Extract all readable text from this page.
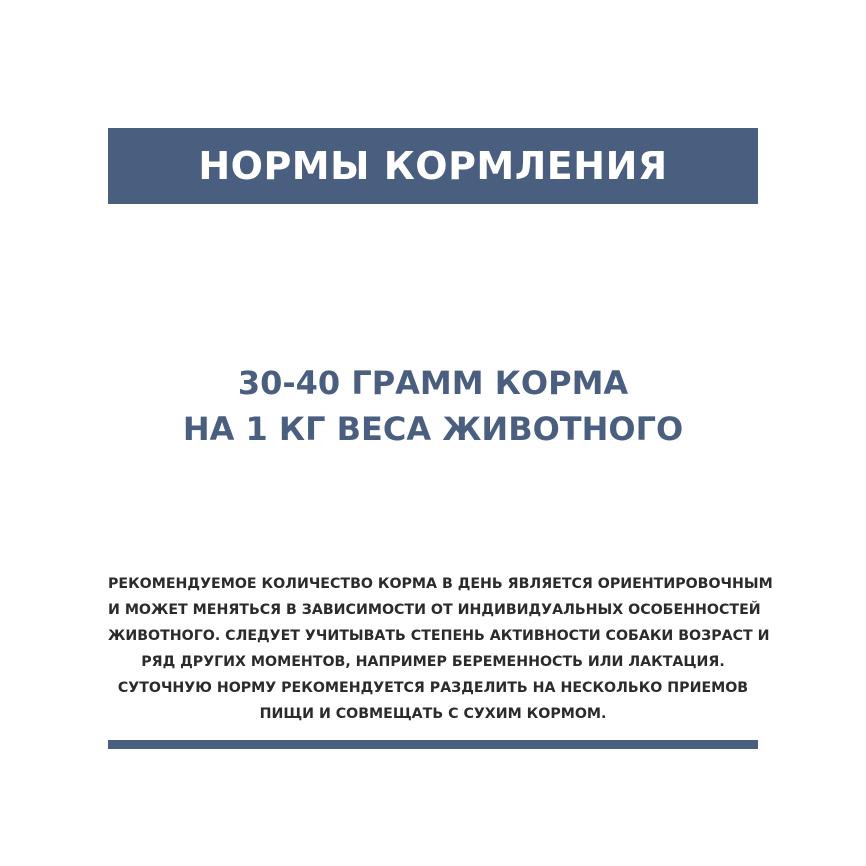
НОРМЫ КОРМЛЕНИЯ
30-40 ГРАММ КОРМА
НА 1 КГ ВЕСА ЖИВОТНОГО
РЕКОМЕНДУЕМОЕ КОЛИЧЕСТВО КОРМА В ДЕНЬ ЯВЛЯЕТСЯ ОРИЕНТИРОВОЧНЫМ
И МОЖЕТ МЕНЯТЬСЯ В ЗАВИСИМОСТИ ОТ ИНДИВИДУАЛЬНЫХ ОСОБЕННОСТЕЙ
ЖИВОТНОГО. СЛЕДУЕТ УЧИТЫВАТЬ СТЕПЕНЬ АКТИВНОСТИ СОБАКИ ВОЗРАСТ И
РЯД ДРУГИХ МОМЕНТОВ, НАПРИМЕР БЕРЕМЕННОСТЬ ИЛИ ЛАКТАЦИЯ.
СУТОЧНУЮ НОРМУ РЕКОМЕНДУЕТСЯ РАЗДЕЛИТЬ НА НЕСКОЛЬКО ПРИЕМОВ
ПИЩИ И СОВМЕЩАТЬ С СУХИМ КОРМОМ.
